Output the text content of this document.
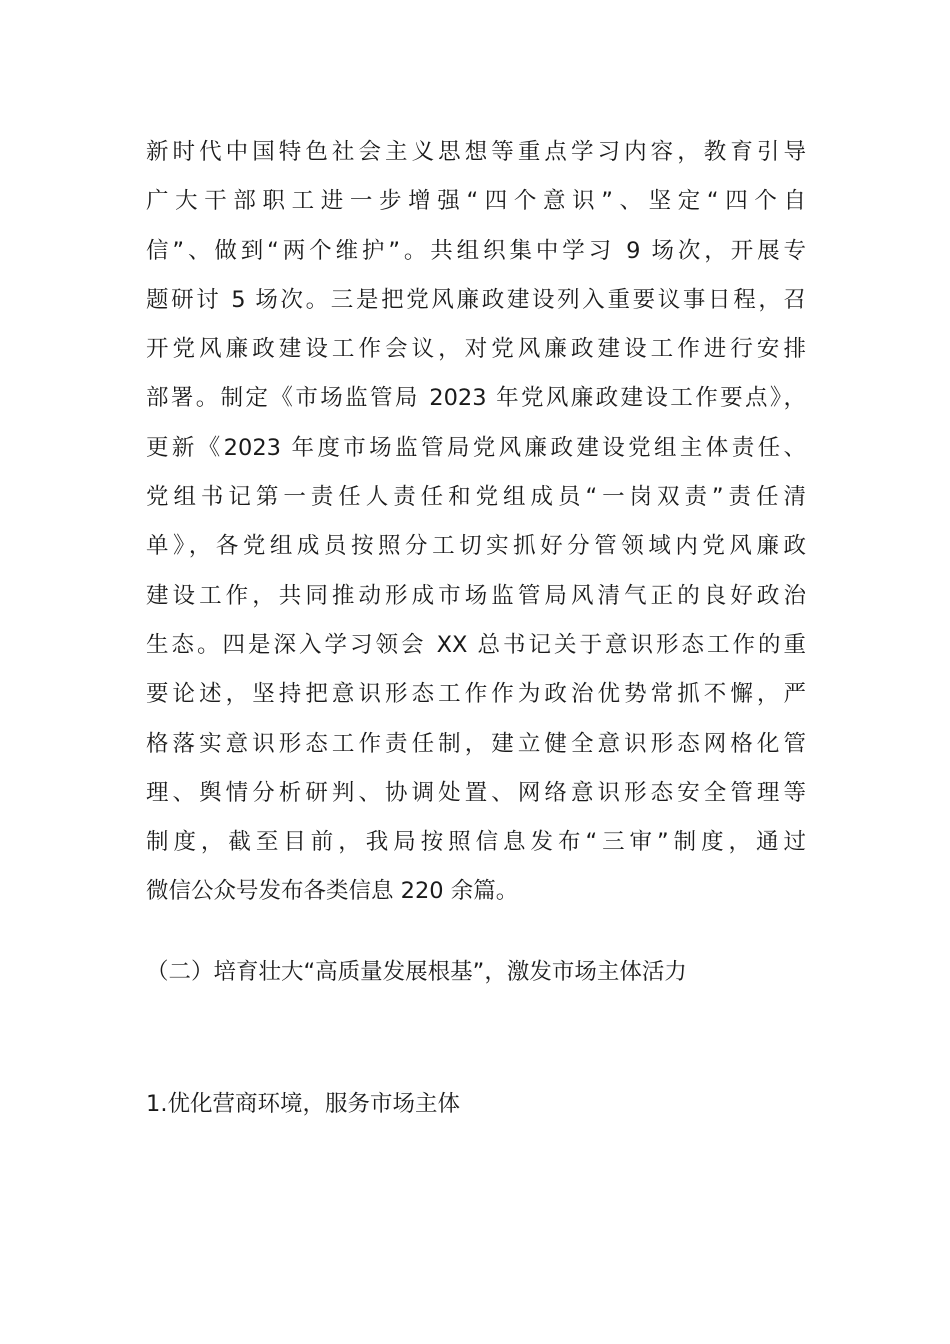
新时代中国特色社会主义思想等重点学习内容，教育引导
广大干部职工进一步增强“四个意识”、坚定“四个自
信”、做到“两个维护”。共组织集中学习 9 场次，开展专
题研讨 5 场次。三是把党风廉政建设列入重要议事日程，召
开党风廉政建设工作会议，对党风廉政建设工作进行安排
部署。制定《市场监管局 2023 年党风廉政建设工作要点》，
更新《2023 年度市场监管局党风廉政建设党组主体责任、
党组书记第一责任人责任和党组成员“一岗双责”责任清
单》，各党组成员按照分工切实抓好分管领域内党风廉政
建设工作，共同推动形成市场监管局风清气正的良好政治
生态。四是深入学习领会 XX 总书记关于意识形态工作的重
要论述，坚持把意识形态工作作为政治优势常抓不懈，严
格落实意识形态工作责任制，建立健全意识形态网格化管
理、舆情分析研判、协调处置、网络意识形态安全管理等
制度，截至目前，我局按照信息发布“三审”制度，通过
微信公众号发布各类信息 220 余篇。
（二）培育壮大“高质量发展根基”，激发市场主体活力
1.优化营商环境，服务市场主体
